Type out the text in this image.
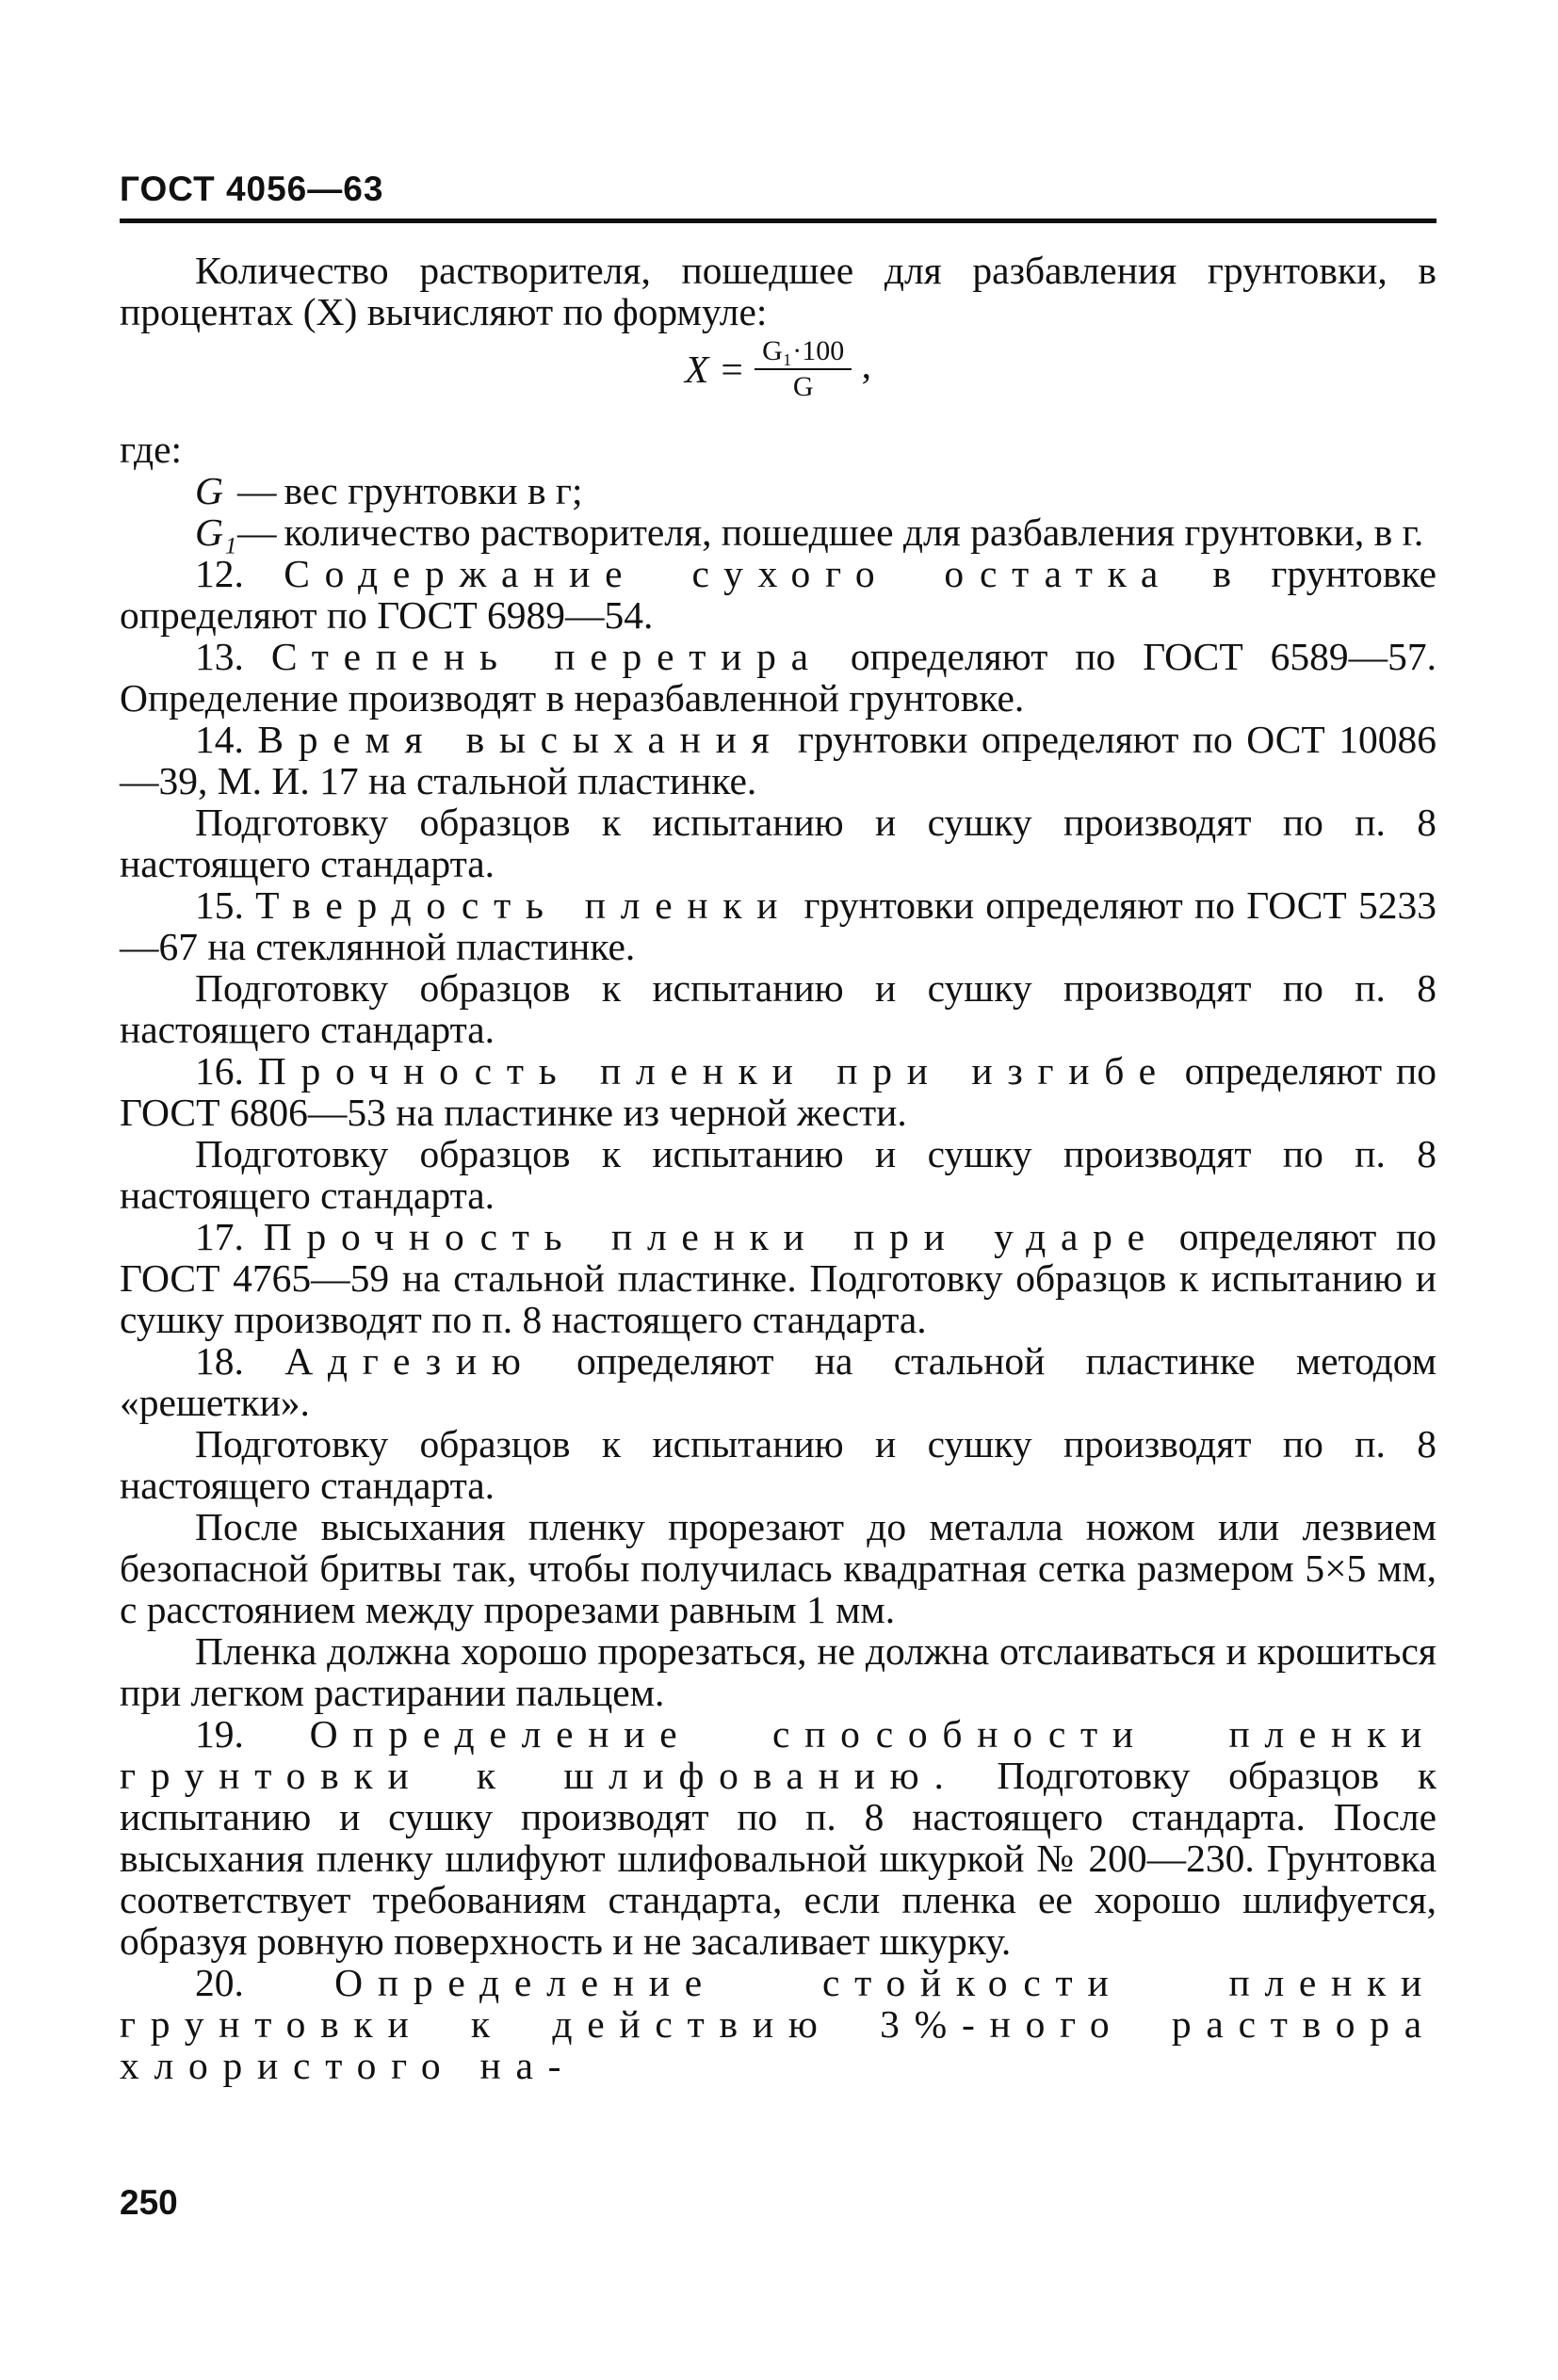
ГОСТ 4056—63

Количество растворителя, пошедшее для разбавления грунтовки, в процентах (X) вычисляют по формуле:

$X = \frac{\text{G₁·100}}{G}$ ,

где:

G — вес грунтовки в г;
G₁ — количество растворителя, пошедшее для разбавления грунтовки, в г.

12. Содержание сухого остатка в грунтовке определяют по ГОСТ 6989—54.

13. Степень перетира определяют по ГОСТ 6589—57. Определение производят в неразбавленной грунтовке.

14. Время высыхания грунтовки определяют по ОСТ 10086—39, М. И. 17 на стальной пластинке.

Подготовку образцов к испытанию и сушку производят по п. 8 настоящего стандарта.

15. Твердость пленки грунтовки определяют по ГОСТ 5233—67 на стеклянной пластинке.

Подготовку образцов к испытанию и сушку производят по п. 8 настоящего стандарта.

16. Прочность пленки при изгибе определяют по ГОСТ 6806—53 на пластинке из черной жести.

Подготовку образцов к испытанию и сушку производят по п. 8 настоящего стандарта.

17. Прочность пленки при ударе определяют по ГОСТ 4765—59 на стальной пластинке. Подготовку образцов к испытанию и сушку производят по п. 8 настоящего стандарта.

18. Адгезию определяют на стальной пластинке методом «решетки».

Подготовку образцов к испытанию и сушку производят по п. 8 настоящего стандарта.

После высыхания пленку прорезают до металла ножом или лезвием безопасной бритвы так, чтобы получилась квадратная сетка размером 5×5 мм, с расстоянием между прорезами равным 1 мм.

Пленка должна хорошо прорезаться, не должна отслаиваться и крошиться при легком растирании пальцем.

19. Определение способности пленки грунтовки к шлифованию. Подготовку образцов к испытанию и сушку производят по п. 8 настоящего стандарта. После высыхания пленку шлифуют шлифовальной шкуркой № 200—230. Грунтовка соответствует требованиям стандарта, если пленка ее хорошо шлифуется, образуя ровную поверхность и не засаливает шкурку.

20. Определение стойкости пленки грунтовки к действию 3%-ного раствора хлористого на-

250
